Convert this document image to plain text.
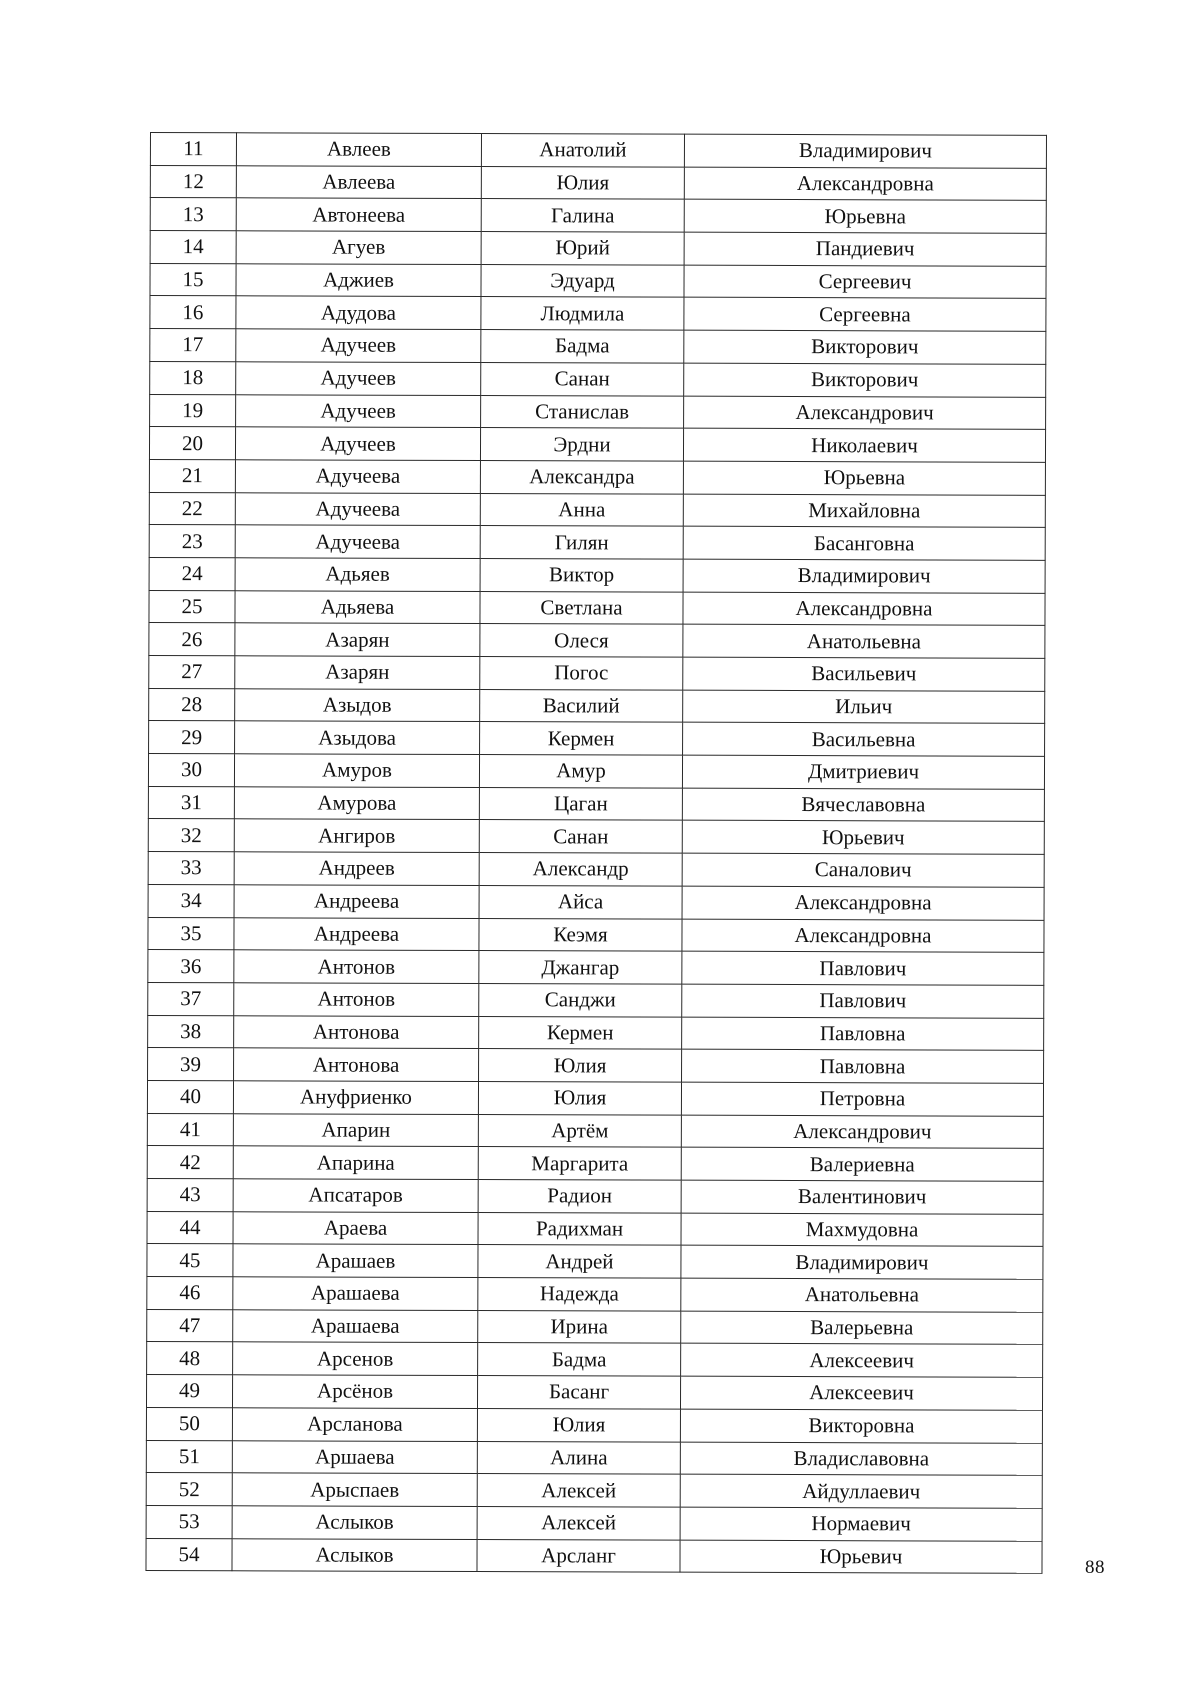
11	Авлеев	Анатолий	Владимирович
12	Авлеева	Юлия	Александровна
13	Автонеева	Галина	Юрьевна
14	Агуев	Юрий	Пандиевич
15	Аджиев	Эдуард	Сергеевич
16	Адудова	Людмила	Сергеевна
17	Адучеев	Бадма	Викторович
18	Адучеев	Санан	Викторович
19	Адучеев	Станислав	Александрович
20	Адучеев	Эрдни	Николаевич
21	Адучеева	Александра	Юрьевна
22	Адучеева	Анна	Михайловна
23	Адучеева	Гилян	Басанговна
24	Адьяев	Виктор	Владимирович
25	Адьяева	Светлана	Александровна
26	Азарян	Олеся	Анатольевна
27	Азарян	Погос	Васильевич
28	Азыдов	Василий	Ильич
29	Азыдова	Кермен	Васильевна
30	Амуров	Амур	Дмитриевич
31	Амурова	Цаган	Вячеславовна
32	Ангиров	Санан	Юрьевич
33	Андреев	Александр	Саналович
34	Андреева	Айса	Александровна
35	Андреева	Кеэмя	Александровна
36	Антонов	Джангар	Павлович
37	Антонов	Санджи	Павлович
38	Антонова	Кермен	Павловна
39	Антонова	Юлия	Павловна
40	Ануфриенко	Юлия	Петровна
41	Апарин	Артём	Александрович
42	Апарина	Маргарита	Валериевна
43	Апсатаров	Радион	Валентинович
44	Араева	Радихман	Махмудовна
45	Арашаев	Андрей	Владимирович
46	Арашаева	Надежда	Анатольевна
47	Арашаева	Ирина	Валерьевна
48	Арсенов	Бадма	Алексеевич
49	Арсёнов	Басанг	Алексеевич
50	Арсланова	Юлия	Викторовна
51	Аршаева	Алина	Владиславовна
52	Арыспаев	Алексей	Айдуллаевич
53	Аслыков	Алексей	Нормаевич
54	Аслыков	Арсланг	Юрьевич	88
